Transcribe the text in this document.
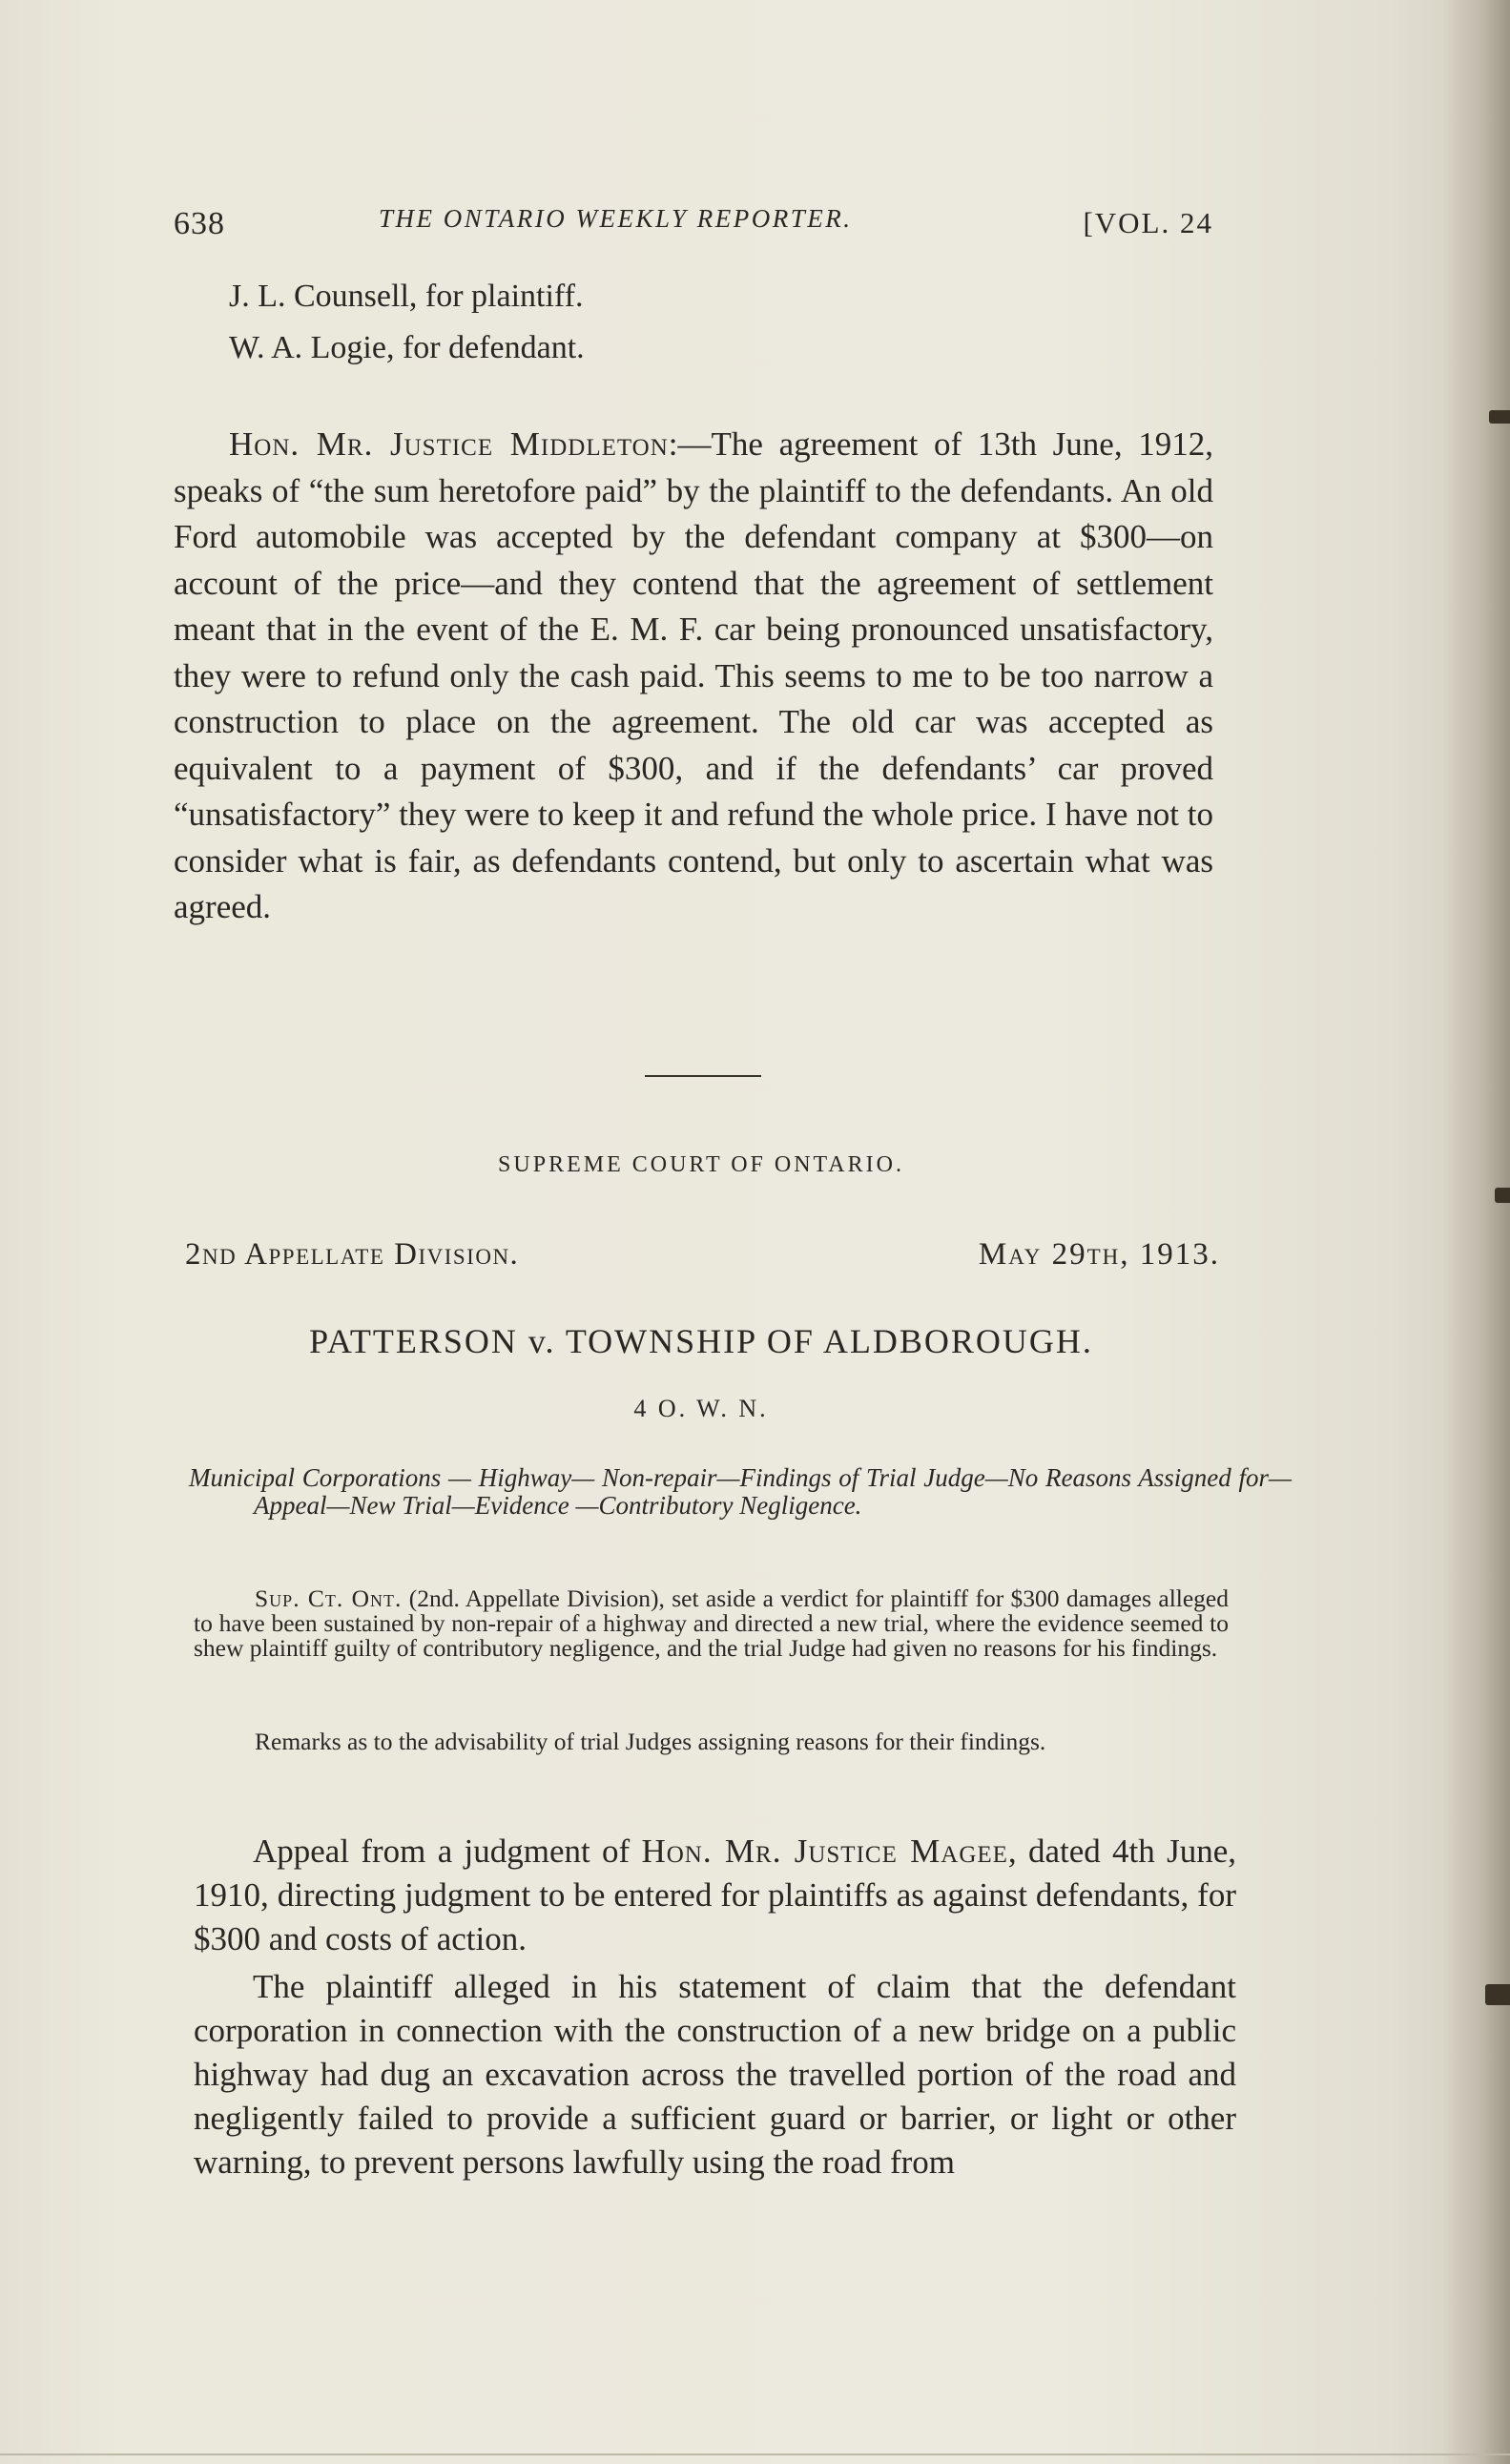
638	THE ONTARIO WEEKLY REPORTER.	[VOL. 24
J. L. Counsell, for plaintiff.
W. A. Logie, for defendant.

Hon. Mr. Justice Middleton:—The agreement of 13th June, 1912, speaks of “the sum heretofore paid” by the plaintiff to the defendants. An old Ford automobile was accepted by the defendant company at $300—on account of the price—and they contend that the agreement of settlement meant that in the event of the E. M. F. car being pronounced unsatisfactory, they were to refund only the cash paid. This seems to me to be too narrow a construction to place on the agreement. The old car was accepted as equivalent to a payment of $300, and if the defendants’ car proved “unsatisfactory” they were to keep it and refund the whole price. I have not to consider what is fair, as defendants contend, but only to ascertain what was agreed.

SUPREME COURT OF ONTARIO.
2nd Appellate Division.	May 29th, 1913.
PATTERSON v. TOWNSHIP OF ALDBOROUGH.
4 O. W. N.

Municipal Corporations — Highway— Non-repair—Findings of Trial Judge—No Reasons Assigned for—Appeal—New Trial—Evidence —Contributory Negligence.

Sup. Ct. Ont. (2nd. Appellate Division), set aside a verdict for plaintiff for $300 damages alleged to have been sustained by non-repair of a highway and directed a new trial, where the evidence seemed to shew plaintiff guilty of contributory negligence, and the trial Judge had given no reasons for his findings.

Remarks as to the advisability of trial Judges assigning reasons for their findings.

Appeal from a judgment of Hon. Mr. Justice Magee, dated 4th June, 1910, directing judgment to be entered for plaintiffs as against defendants, for $300 and costs of action.

The plaintiff alleged in his statement of claim that the defendant corporation in connection with the construction of a new bridge on a public highway had dug an excavation across the travelled portion of the road and negligently failed to provide a sufficient guard or barrier, or light or other warning, to prevent persons lawfully using the road from
